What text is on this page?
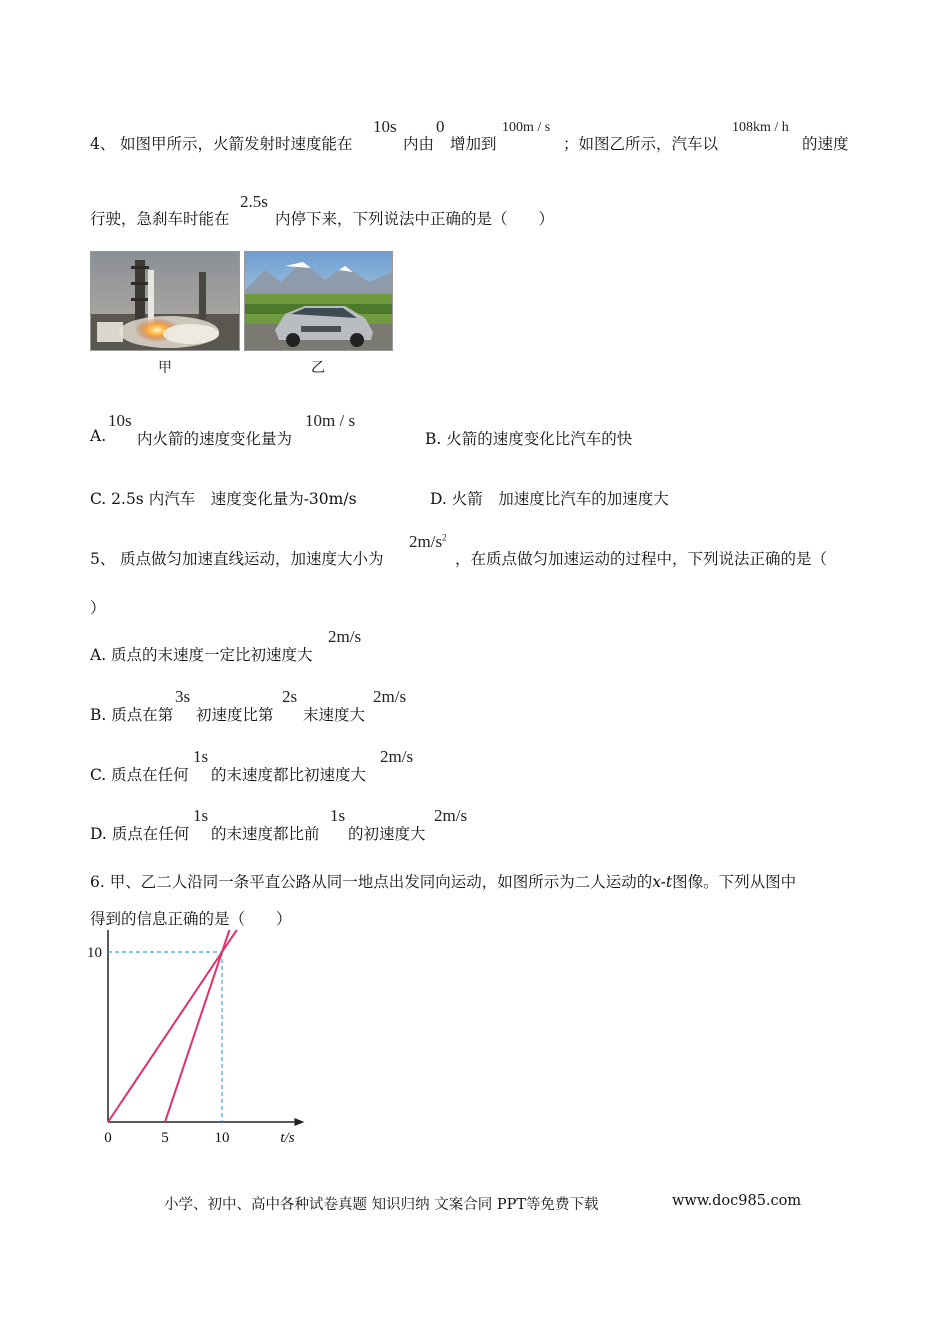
4、 如图甲所示，火箭发射时速度能在
10s
内由
0
增加到
100m / s
；如图乙所示，汽车以
108km / h
的速度
行驶，急刹车时能在
2.5s
内停下来，下列说法中正确的是（　　）
甲	乙
A.
10s
内火箭的速度变化量为
10m / s
B. 火箭的速度变化比汽车的快
C. 2.5s 内汽车　速度变化量为-30m/s	D. 火箭　加速度比汽车的加速度大
5、 质点做匀加速直线运动，加速度大小为
$2m/s^2$
，在质点做匀加速运动的过程中，下列说法正确的是（
）
A. 质点的末速度一定比初速度大
2m/s
B. 质点在第
3s
初速度比第
2s
末速度大
2m/s
C. 质点在任何
1s
的末速度都比初速度大
2m/s
D. 质点在任何
1s
的末速度都比前
1s
的初速度大
2m/s
6. 甲、乙二人沿同一条平直公路从同一地点出发同向运动，如图所示为二人运动的x-t图像。下列从图中
得到的信息正确的是（　　）
0	5	10
10
t/s
小学、初中、高中各种试卷真题 知识归纳 文案合同 PPT等免费下载	www.doc985.com
